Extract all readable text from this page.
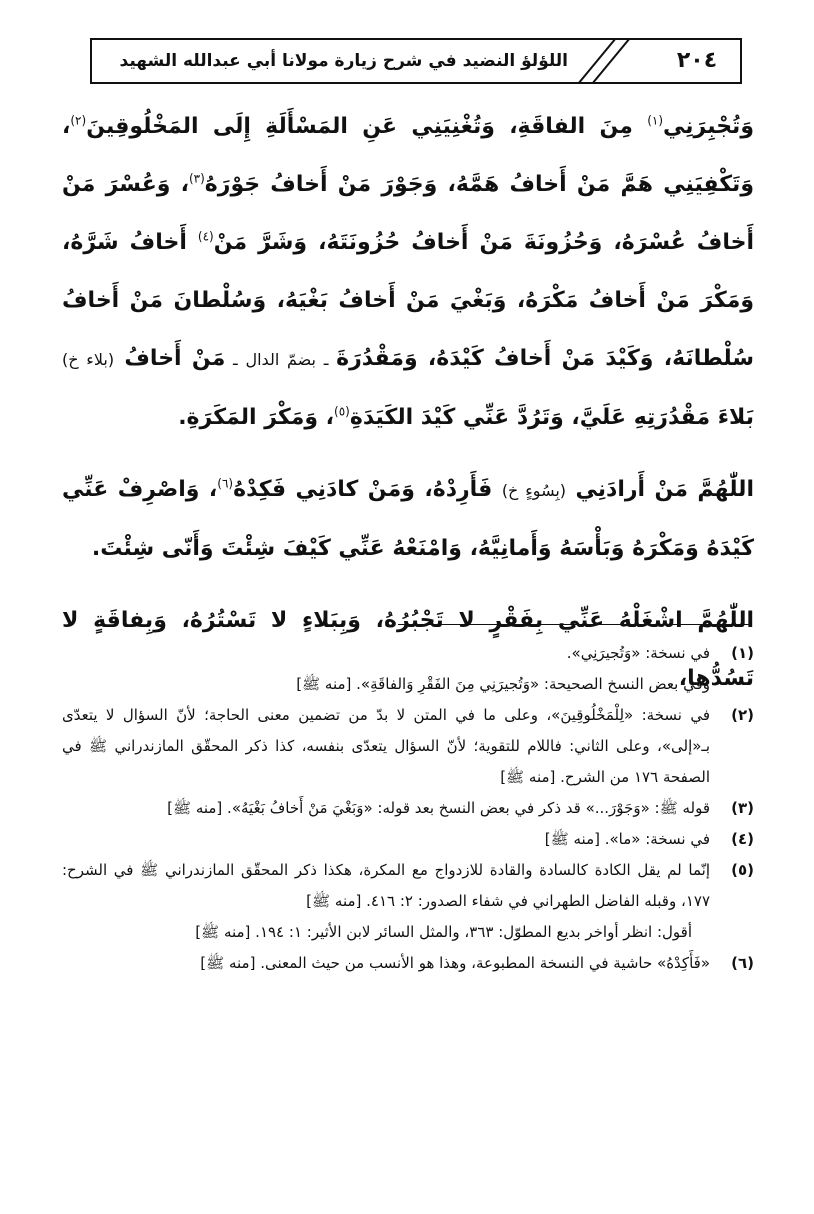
٢٠٤
اللؤلؤ النضيد في شرح زيارة مولانا أبي عبدالله الشهيد

وَتُجْبِرَنِي$^{(١)}$ مِنَ الفاقَةِ، وَتُغْنِيَنِي عَنِ المَسْأَلَةِ إِلَى المَخْلُوقِينَ$^{(٢)}$، وَتَكْفِيَنِي هَمَّ مَنْ أَخافُ هَمَّهُ، وَجَوْرَ مَنْ أَخافُ جَوْرَهُ$^{(٣)}$، وَعُسْرَ مَنْ أَخافُ عُسْرَهُ، وَحُزُونَةَ مَنْ أَخافُ حُزُونَتَهُ، وَشَرَّ مَنْ$^{(٤)}$ أَخافُ شَرَّهُ، وَمَكْرَ مَنْ أَخافُ مَكْرَهُ، وَبَغْيَ مَنْ أَخافُ بَغْيَهُ، وَسُلْطانَ مَنْ أَخافُ سُلْطانَهُ، وَكَيْدَ مَنْ أَخافُ كَيْدَهُ، وَمَقْدُرَةَ ـ بضمّ الدال ـ مَنْ أَخافُ (بلاء خ) بَلاءَ مَقْدُرَتِهِ عَلَيَّ، وَتَرُدَّ عَنِّي كَيْدَ الكَيَدَةِ$^{(٥)}$، وَمَكْرَ المَكَرَةِ.

اللّٰهُمَّ مَنْ أَرادَنِي (بِسُوءٍ خ) فَأَرِدْهُ، وَمَنْ كادَنِي فَكِدْهُ$^{(٦)}$، وَاصْرِفْ عَنِّي كَيْدَهُ وَمَكْرَهُ وَبَأْسَهُ وَأَمانِيَّهُ، وَامْنَعْهُ عَنِّي كَيْفَ شِئْتَ وَأَنّى شِئْتَ.

اللّٰهُمَّ اشْغَلْهُ عَنِّي بِفَقْرٍ لا تَجْبُرُهُ، وَبِبَلاءٍ لا تَسْتُرُهُ، وَبِفاقَةٍ لا تَسُدُّها،

(١)
في نسخة: «وَتُجيرَنِي».
وفي بعض النسخ الصحيحة: «وَتُجيرَنِي مِنَ الفَقْرِ وَالفاقَةِ». [منه ﷺ]
(٢)
في نسخة: «لِلْمَخْلُوقِينَ»، وعلى ما في المتن لا بدّ من تضمين معنى الحاجة؛ لأنّ السؤال لا يتعدّى بـ«إلى»، وعلى الثاني: فاللام للتقوية؛ لأنّ السؤال يتعدّى بنفسه، كذا ذكر المحقّق المازندراني ﷺ في الصفحة ١٧٦ من الشرح. [منه ﷺ]
(٣)
قوله ﷺ: «وَجَوْرَ...» قد ذكر في بعض النسخ بعد قوله: «وَبَغْيَ مَنْ أَخافُ بَغْيَهُ». [منه ﷺ]
(٤)
في نسخة: «ما». [منه ﷺ]
(٥)
إنّما لم يقل الكادة كالسادة والقادة للازدواج مع المكرة، هكذا ذكر المحقّق المازندراني ﷺ في الشرح: ١٧٧، وقبله الفاضل الطهراني في شفاء الصدور: ٢: ٤١٦. [منه ﷺ]
أقول: انظر أواخر بديع المطوّل: ٣٦٣، والمثل السائر لابن الأثير: ١: ١٩٤. [منه ﷺ]
(٦)
«فَأَكِدْهُ» حاشية في النسخة المطبوعة، وهذا هو الأنسب من حيث المعنى. [منه ﷺ]
